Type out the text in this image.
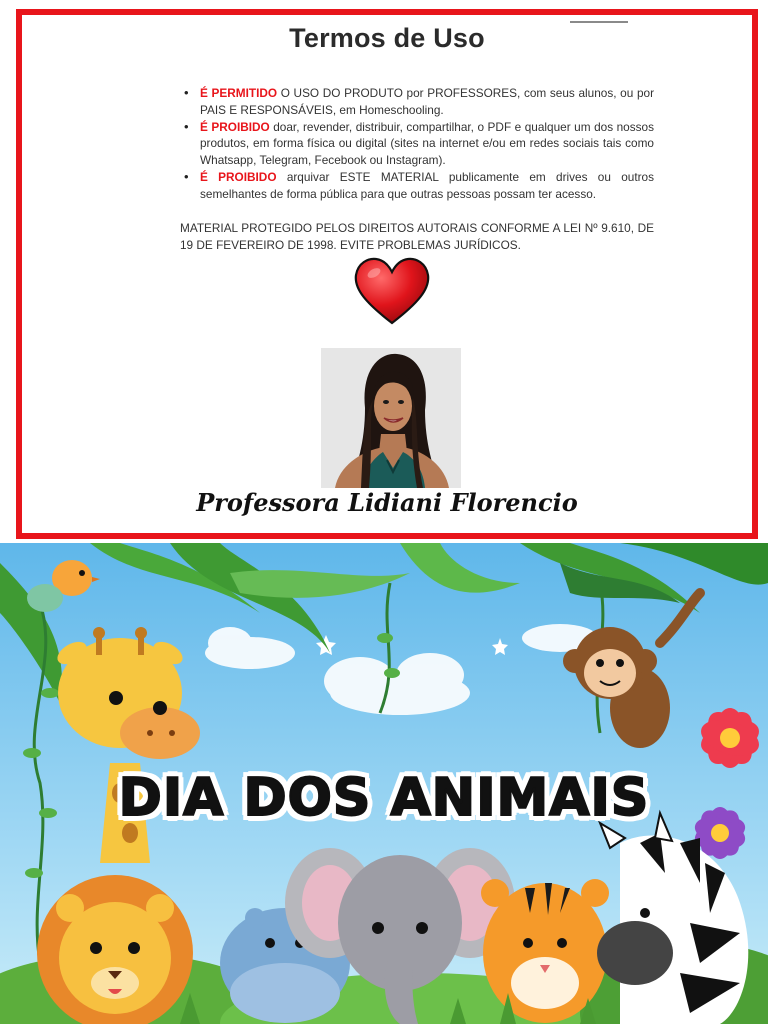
Termos de Uso
• É PERMITIDO O USO DO PRODUTO por PROFESSORES, com seus alunos, ou por PAIS E RESPONSÁVEIS, em Homeschooling.
• É PROIBIDO doar, revender, distribuir, compartilhar, o PDF e qualquer um dos nossos produtos, em forma física ou digital (sites na internet e/ou em redes sociais tais como Whatsapp, Telegram, Fecebook ou Instagram).
• É PROIBIDO arquivar ESTE MATERIAL publicamente em drives ou outros semelhantes de forma pública para que outras pessoas possam ter acesso.
MATERIAL PROTEGIDO PELOS DIREITOS AUTORAIS CONFORME A LEI Nº 9.610, DE 19 DE FEVEREIRO DE 1998. EVITE PROBLEMAS JURÍDICOS.
Professora Lidiani Florencio
DIA DOS ANIMAIS
